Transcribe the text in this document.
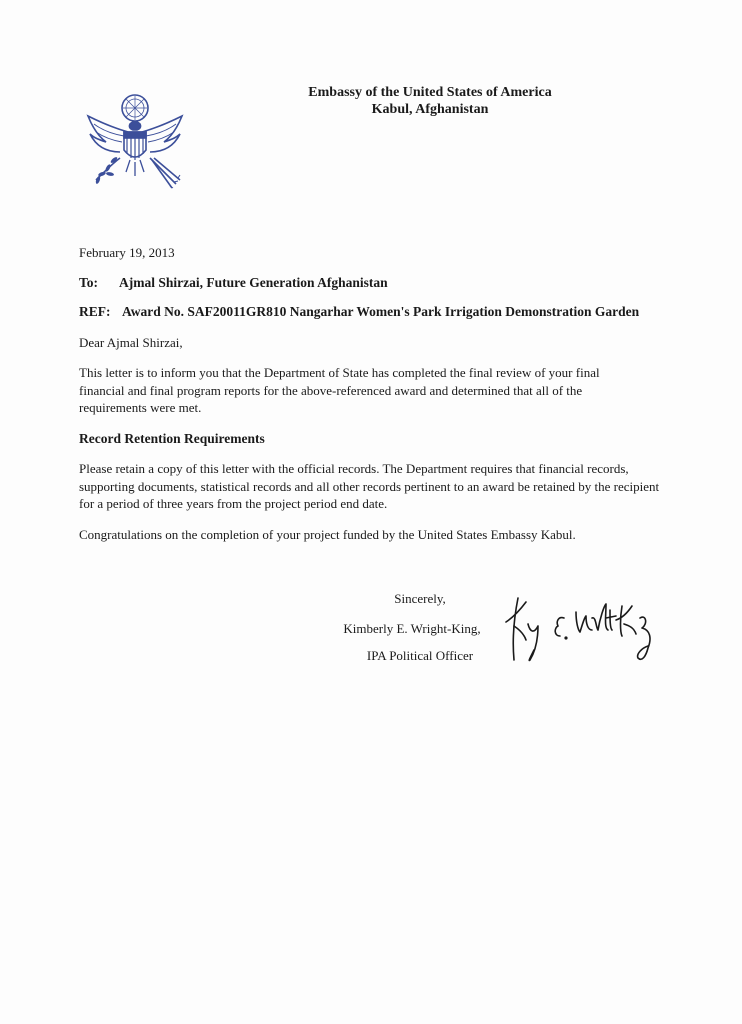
Embassy of the United States of America
Kabul, Afghanistan
February 19, 2013
To: Ajmal Shirzai, Future Generation Afghanistan
REF: Award No. SAF20011GR810 Nangarhar Women's Park Irrigation Demonstration Garden
Dear Ajmal Shirzai,
This letter is to inform you that the Department of State has completed the final review of your final financial and final program reports for the above-referenced award and determined that all of the requirements were met.
Record Retention Requirements
Please retain a copy of this letter with the official records. The Department requires that financial records, supporting documents, statistical records and all other records pertinent to an award be retained by the recipient for a period of three years from the project period end date.
Congratulations on the completion of your project funded by the United States Embassy Kabul.
Sincerely,
Kimberly E. Wright-King,
IPA Political Officer
